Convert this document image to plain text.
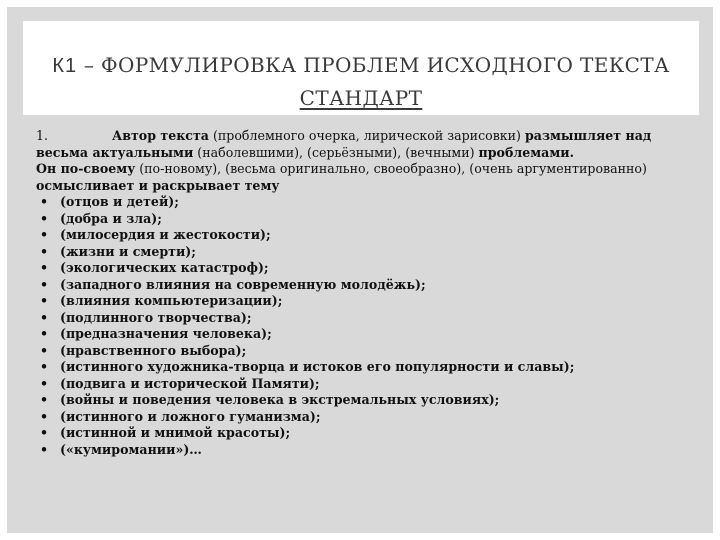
К1 – ФОРМУЛИРОВКА ПРОБЛЕМ ИСХОДНОГО ТЕКСТА
СТАНДАРТ

1.	Автор текста (проблемного очерка, лирической зарисовки) размышляет над весьма актуальными (наболевшими), (серьёзными), (вечными) проблемами.

Он по-своему (по-новому), (весьма оригинально, своеобразно), (очень аргументированно) осмысливает и раскрывает тему

• (отцов и детей);
• (добра и зла);
• (милосердия и жестокости);
• (жизни и смерти);
• (экологических катастроф);
• (западного влияния на современную молодёжь);
• (влияния компьютеризации);
• (подлинного творчества);
• (предназначения человека);
• (нравственного выбора);
• (истинного художника-творца и истоков его популярности и славы);
• (подвига и исторической Памяти);
• (войны и поведения человека в экстремальных условиях);
• (истинного и ложного гуманизма);
• (истинной и мнимой красоты);
• («кумиромании»)…
